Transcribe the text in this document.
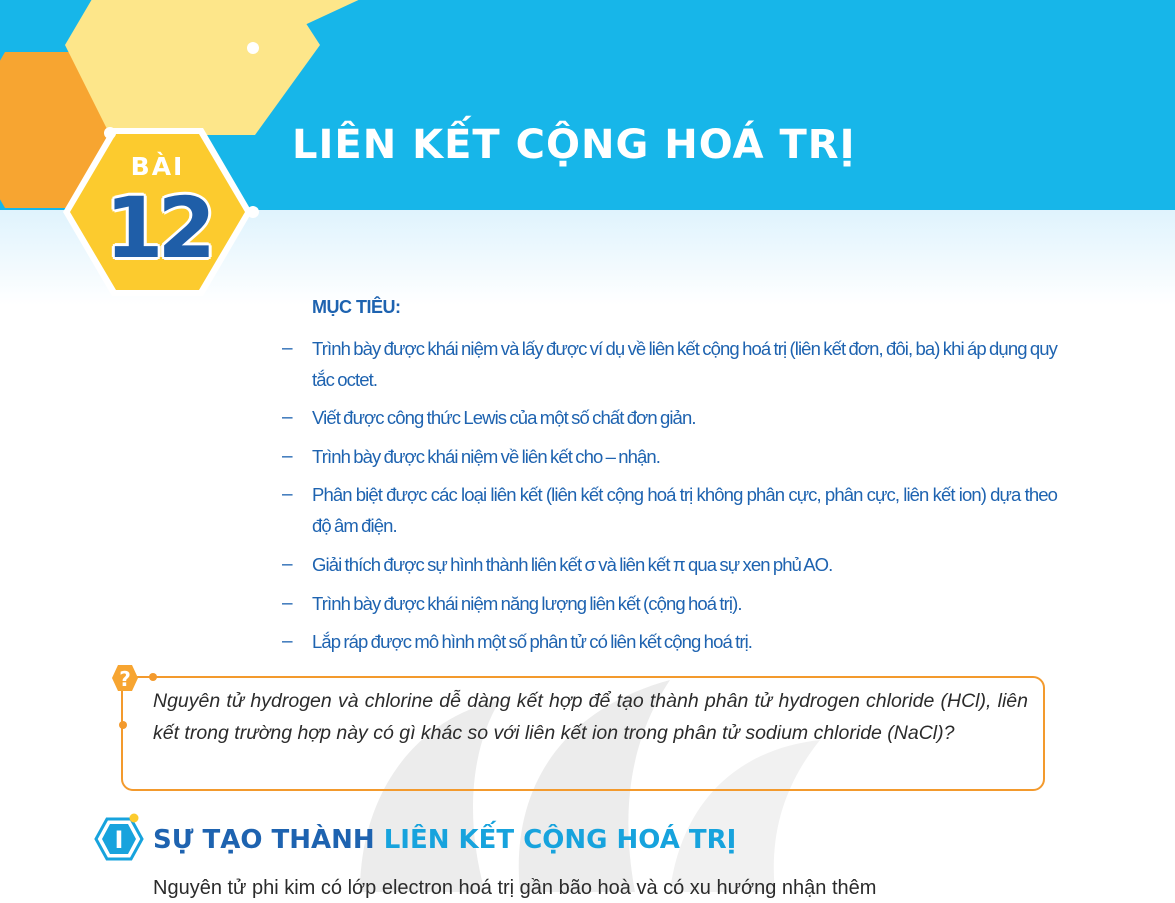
BÀI
12
LIÊN KẾT CỘNG HOÁ TRỊ
MỤC TIÊU:
– Trình bày được khái niệm và lấy được ví dụ về liên kết cộng hoá trị (liên kết đơn, đôi, ba) khi áp dụng quy tắc octet.
– Viết được công thức Lewis của một số chất đơn giản.
– Trình bày được khái niệm về liên kết cho – nhận.
– Phân biệt được các loại liên kết (liên kết cộng hoá trị không phân cực, phân cực, liên kết ion) dựa theo độ âm điện.
– Giải thích được sự hình thành liên kết σ và liên kết π qua sự xen phủ AO.
– Trình bày được khái niệm năng lượng liên kết (cộng hoá trị).
– Lắp ráp được mô hình một số phân tử có liên kết cộng hoá trị.
?

Nguyên tử hydrogen và chlorine dễ dàng kết hợp để tạo thành phân tử hydrogen chloride (HCl), liên kết trong trường hợp này có gì khác so với liên kết ion trong phân tử sodium chloride (NaCl)?

I SỰ TẠO THÀNH LIÊN KẾT CỘNG HOÁ TRỊ

Nguyên tử phi kim có lớp electron hoá trị gần bão hoà và có xu hướng nhận thêm
